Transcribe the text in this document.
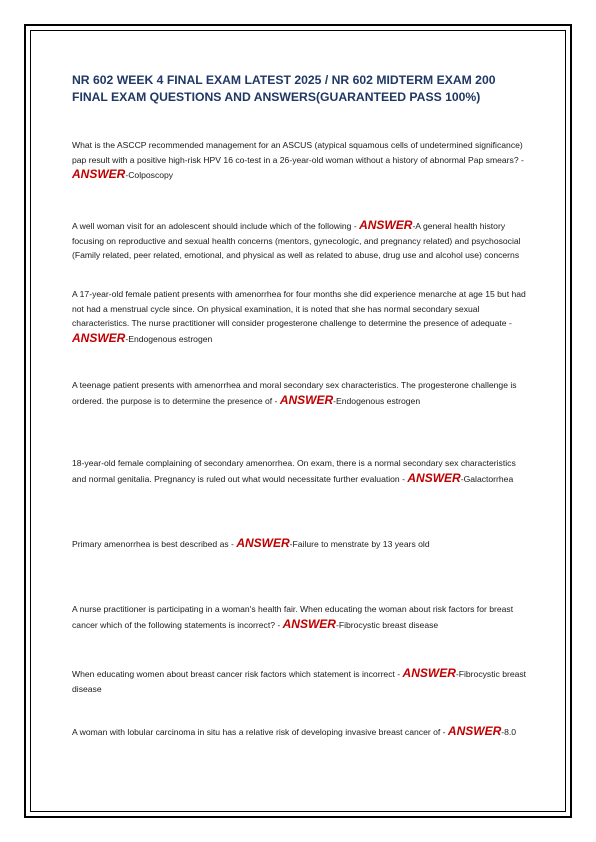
NR 602 WEEK 4 FINAL EXAM LATEST 2025 / NR 602 MIDTERM EXAM 200 FINAL EXAM QUESTIONS AND ANSWERS(GUARANTEED PASS 100%)

What is the ASCCP recommended management for an ASCUS (atypical squamous cells of undetermined significance) pap result with a positive high-risk HPV 16 co-test in a 26-year-old woman without a history of abnormal Pap smears? - ANSWER-Colposcopy

A well woman visit for an adolescent should include which of the following - ANSWER-A general health history focusing on reproductive and sexual health concerns (mentors, gynecologic, and pregnancy related) and psychosocial (Family related, peer related, emotional, and physical as well as related to abuse, drug use and alcohol use) concerns

A 17-year-old female patient presents with amenorrhea for four months she did experience menarche at age 15 but had not had a menstrual cycle since. On physical examination, it is noted that she has normal secondary sexual characteristics. The nurse practitioner will consider progesterone challenge to determine the presence of adequate - ANSWER-Endogenous estrogen

A teenage patient presents with amenorrhea and moral secondary sex characteristics. The progesterone challenge is ordered. the purpose is to determine the presence of - ANSWER-Endogenous estrogen

18-year-old female complaining of secondary amenorrhea. On exam, there is a normal secondary sex characteristics and normal genitalia. Pregnancy is ruled out what would necessitate further evaluation - ANSWER-Galactorrhea

Primary amenorrhea is best described as - ANSWER-Failure to menstrate by 13 years old

A nurse practitioner is participating in a woman's health fair. When educating the woman about risk factors for breast cancer which of the following statements is incorrect? - ANSWER-Fibrocystic breast disease

When educating women about breast cancer risk factors which statement is incorrect - ANSWER-Fibrocystic breast disease

A woman with lobular carcinoma in situ has a relative risk of developing invasive breast cancer of - ANSWER-8.0
